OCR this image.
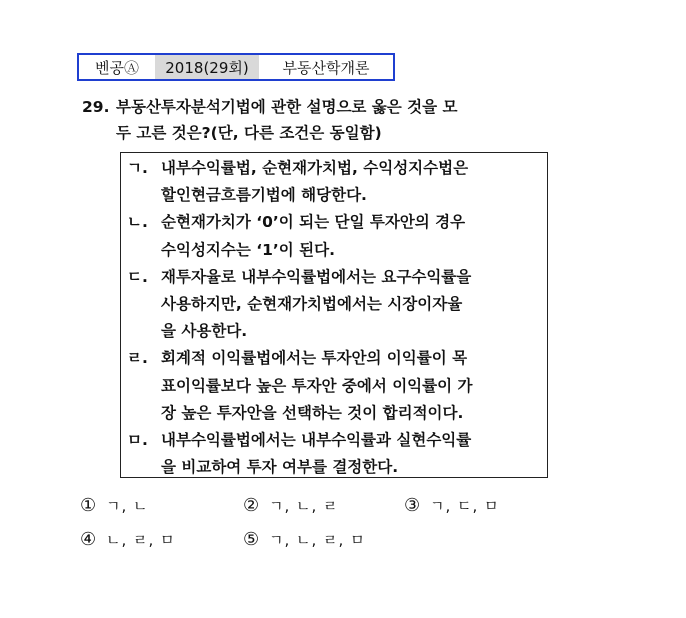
벤공Ⓐ	2018(29회)	부동산학개론
29. 부동산투자분석기법에 관한 설명으로 옳은 것을 모
두 고른 것은?(단, 다른 조건은 동일함)
ㄱ. 내부수익률법, 순현재가치법, 수익성지수법은
할인현금흐름기법에 해당한다.
ㄴ. 순현재가치가 ‘0’이 되는 단일 투자안의 경우
수익성지수는 ‘1’이 된다.
ㄷ. 재투자율로 내부수익률법에서는 요구수익률을
사용하지만, 순현재가치법에서는 시장이자율
을 사용한다.
ㄹ. 회계적 이익률법에서는 투자안의 이익률이 목
표이익률보다 높은 투자안 중에서 이익률이 가
장 높은 투자안을 선택하는 것이 합리적이다.
ㅁ. 내부수익률법에서는 내부수익률과 실현수익률
을 비교하여 투자 여부를 결정한다.
① ㄱ, ㄴ	② ㄱ, ㄴ, ㄹ	③ ㄱ, ㄷ, ㅁ
④ ㄴ, ㄹ, ㅁ	⑤ ㄱ, ㄴ, ㄹ, ㅁ
